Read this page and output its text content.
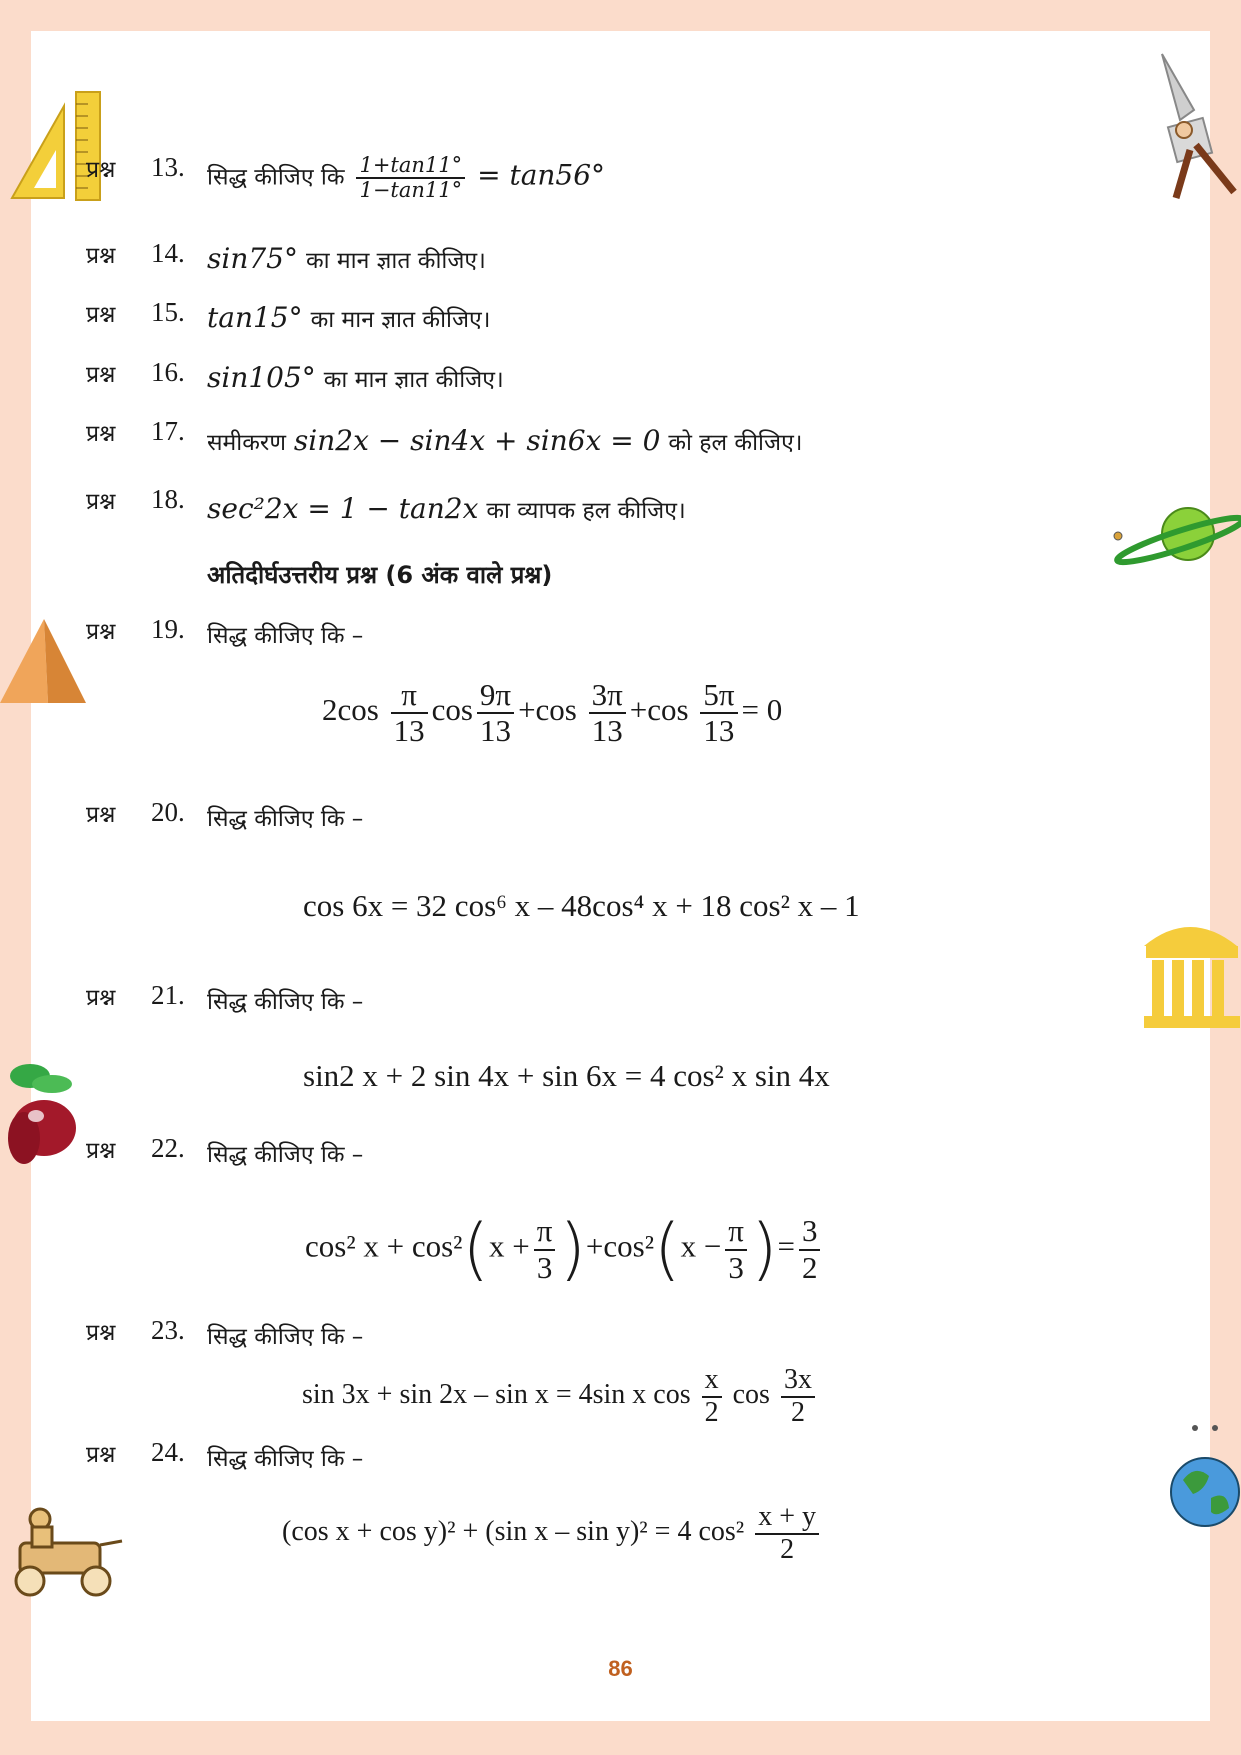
प्रश्न 13. सिद्ध कीजिए कि $\frac{1+\tan 11^\circ}{1-\tan 11^\circ} = \tan 56^\circ$
प्रश्न 14. sin75° का मान ज्ञात कीजिए।
प्रश्न 15. tan15° का मान ज्ञात कीजिए।
प्रश्न 16. sin105° का मान ज्ञात कीजिए।
प्रश्न 17. समीकरण sin2x − sin4x + sin6x = 0 को हल कीजिए।
प्रश्न 18. sec²2x = 1 − tan2x का व्यापक हल कीजिए।
अतिदीर्घउत्तरीय प्रश्न (6 अंक वाले प्रश्न)
प्रश्न 19. सिद्ध कीजिए कि –
$2\cos \frac{\pi}{13}$ $\cos \frac{9\pi}{13} +\cos \frac{3\pi}{13} +\cos \frac{5\pi}{13} = 0$
प्रश्न 20. सिद्ध कीजिए कि –
cos 6x = 32 cos⁶ x – 48cos⁴ x + 18 cos² x – 1
प्रश्न 21. सिद्ध कीजिए कि –
sin2 x + 2 sin 4x + sin 6x = 4 cos² x sin 4x
प्रश्न 22. सिद्ध कीजिए कि –
cos² $x + \cos^2(x + \frac{\pi}{3} )+\cos^2(x - \frac{\pi}{3}$ )= $\frac{3}{2}$
प्रश्न 23. सिद्ध कीजिए कि –
sin 3x + sin 2x – sin x = 4sin x $\cos \frac{x}{2}$ $\cos \frac{3x}{2}$
प्रश्न 24. सिद्ध कीजिए कि –
(cos x + cos y)² + (sin x – sin y)² = 4 $\cos^2 \frac{x + y}{2}$
86
